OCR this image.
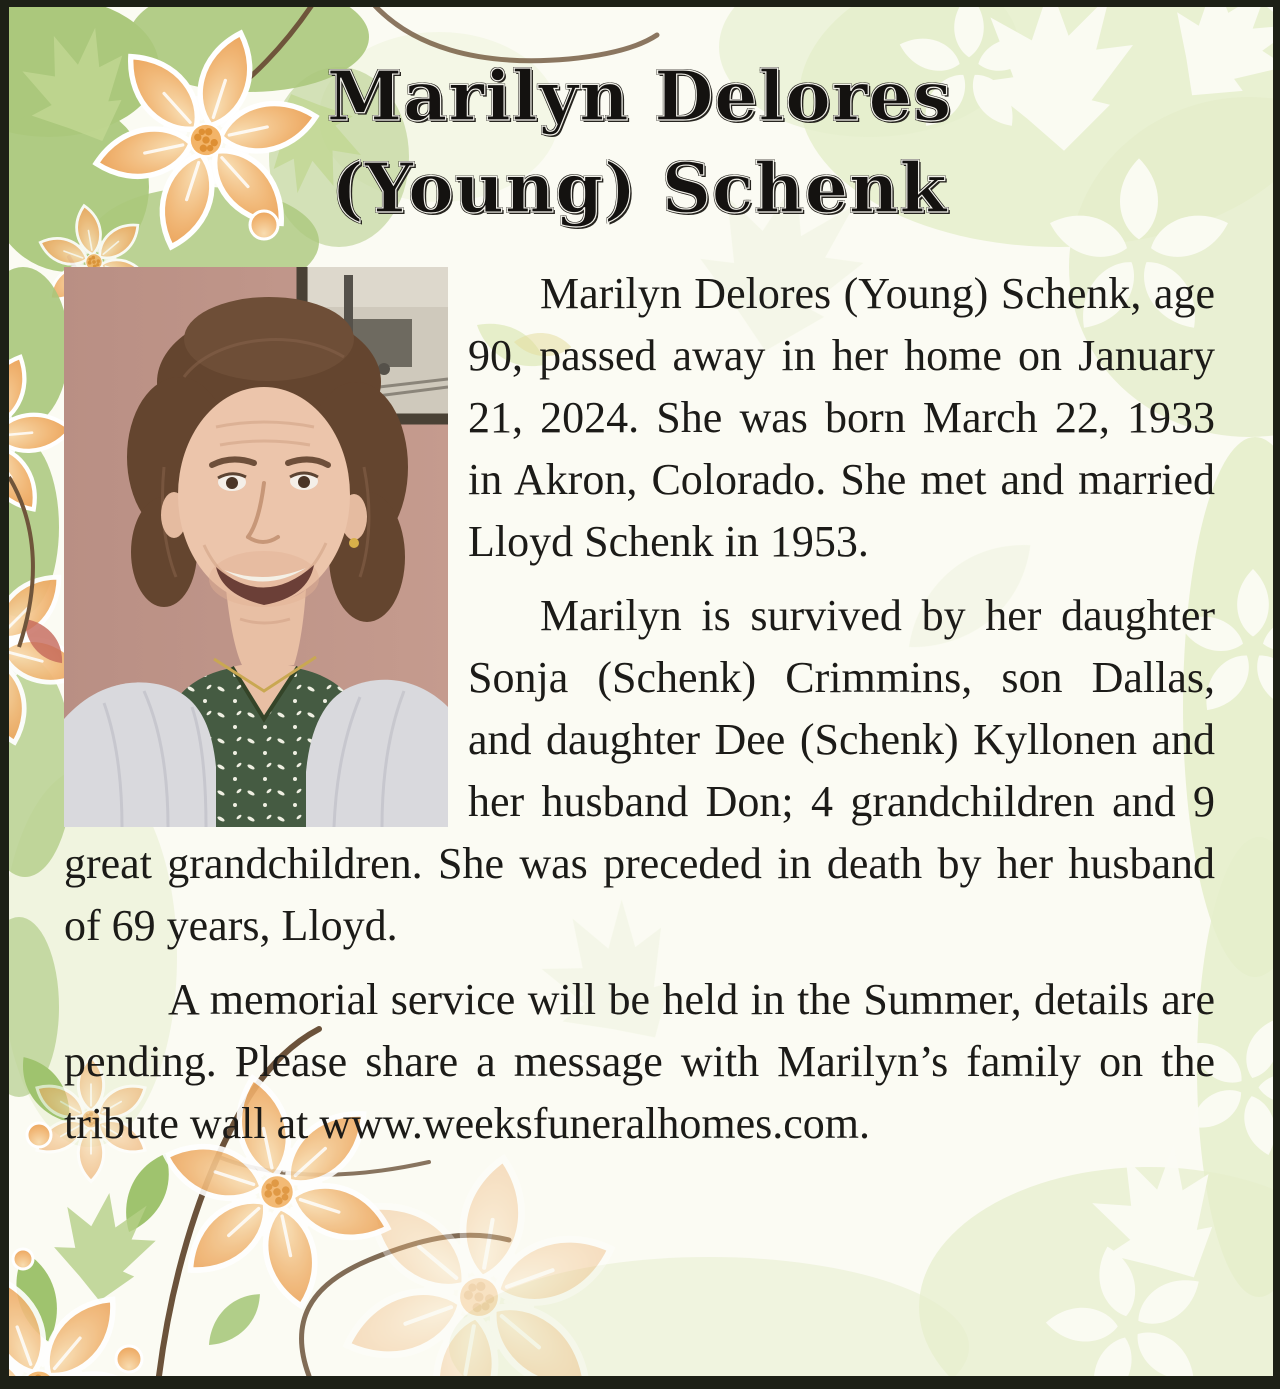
Marilyn Delores
(Young) Schenk

Marilyn Delores (Young) Schenk, age 90, passed away in her home on January 21, 2024. She was born March 22, 1933 in Akron, Colorado. She met and married Lloyd Schenk in 1953.

Marilyn is survived by her daughter Sonja (Schenk) Crimmins, son Dallas, and daughter Dee (Schenk) Kyllonen and her husband Don; 4 grandchildren and 9 great grandchildren. She was preceded in death by her husband of 69 years, Lloyd.

A memorial service will be held in the Summer, details are pending. Please share a message with Marilyn’s family on the tribute wall at www.weeksfuneralhomes.com.
